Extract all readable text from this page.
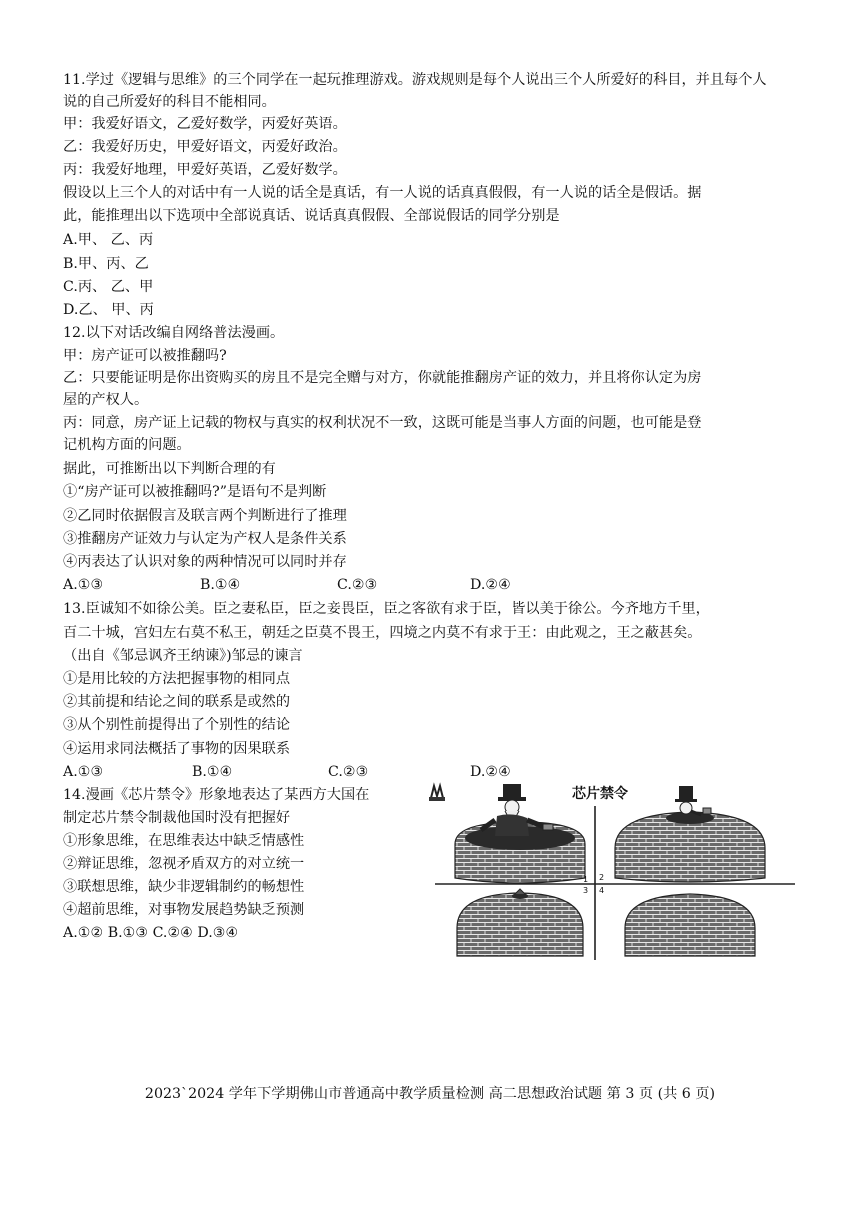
11.学过《逻辑与思维》的三个同学在一起玩推理游戏。游戏规则是每个人说出三个人所爱好的科目，并且每个人
说的自己所爱好的科目不能相同。
甲：我爱好语文，乙爱好数学，丙爱好英语。
乙：我爱好历史，甲爱好语文，丙爱好政治。
丙：我爱好地理，甲爱好英语，乙爱好数学。
假设以上三个人的对话中有一人说的话全是真话，有一人说的话真真假假，有一人说的话全是假话。据
此，能推理出以下选项中全部说真话、说话真真假假、全部说假话的同学分别是
A.甲、 乙、丙
B.甲、丙、乙
C.丙、 乙、甲
D.乙、 甲、丙
12.以下对话改编自网络普法漫画。
甲：房产证可以被推翻吗?
乙：只要能证明是你出资购买的房且不是完全赠与对方，你就能推翻房产证的效力，并且将你认定为房
屋的产权人。
丙：同意，房产证上记载的物权与真实的权利状况不一致，这既可能是当事人方面的问题，也可能是登
记机构方面的问题。
据此，可推断出以下判断合理的有
①“房产证可以被推翻吗?”是语句不是判断
②乙同时依据假言及联言两个判断进行了推理
③推翻房产证效力与认定为产权人是条件关系
④丙表达了认识对象的两种情况可以同时并存
A.①③	B.①④	C.②③	D.②④
13.臣诚知不如徐公美。臣之妻私臣，臣之妾畏臣，臣之客欲有求于臣，皆以美于徐公。今齐地方千里，
百二十城，宫妇左右莫不私王，朝廷之臣莫不畏王，四境之内莫不有求于王：由此观之，王之蔽甚矣。
（出自《邹忌讽齐王纳谏》)邹忌的谏言
①是用比较的方法把握事物的相同点
②其前提和结论之间的联系是或然的
③从个别性前提得出了个别性的结论
④运用求同法概括了事物的因果联系
A.①③	B.①④	C.②③	D.②④
14.漫画《芯片禁令》形象地表达了某西方大国在
制定芯片禁令制裁他国时没有把握好
①形象思维，在思维表达中缺乏情感性
②辩证思维，忽视矛盾双方的对立统一
③联想思维，缺少非逻辑制约的畅想性
④超前思维，对事物发展趋势缺乏预测
A.①② B.①③ C.②④ D.③④
芯片禁令
1 2
3 4
2023`2024 学年下学期佛山市普通高中教学质量检测 高二思想政治试题 第 3 页 (共 6 页)
